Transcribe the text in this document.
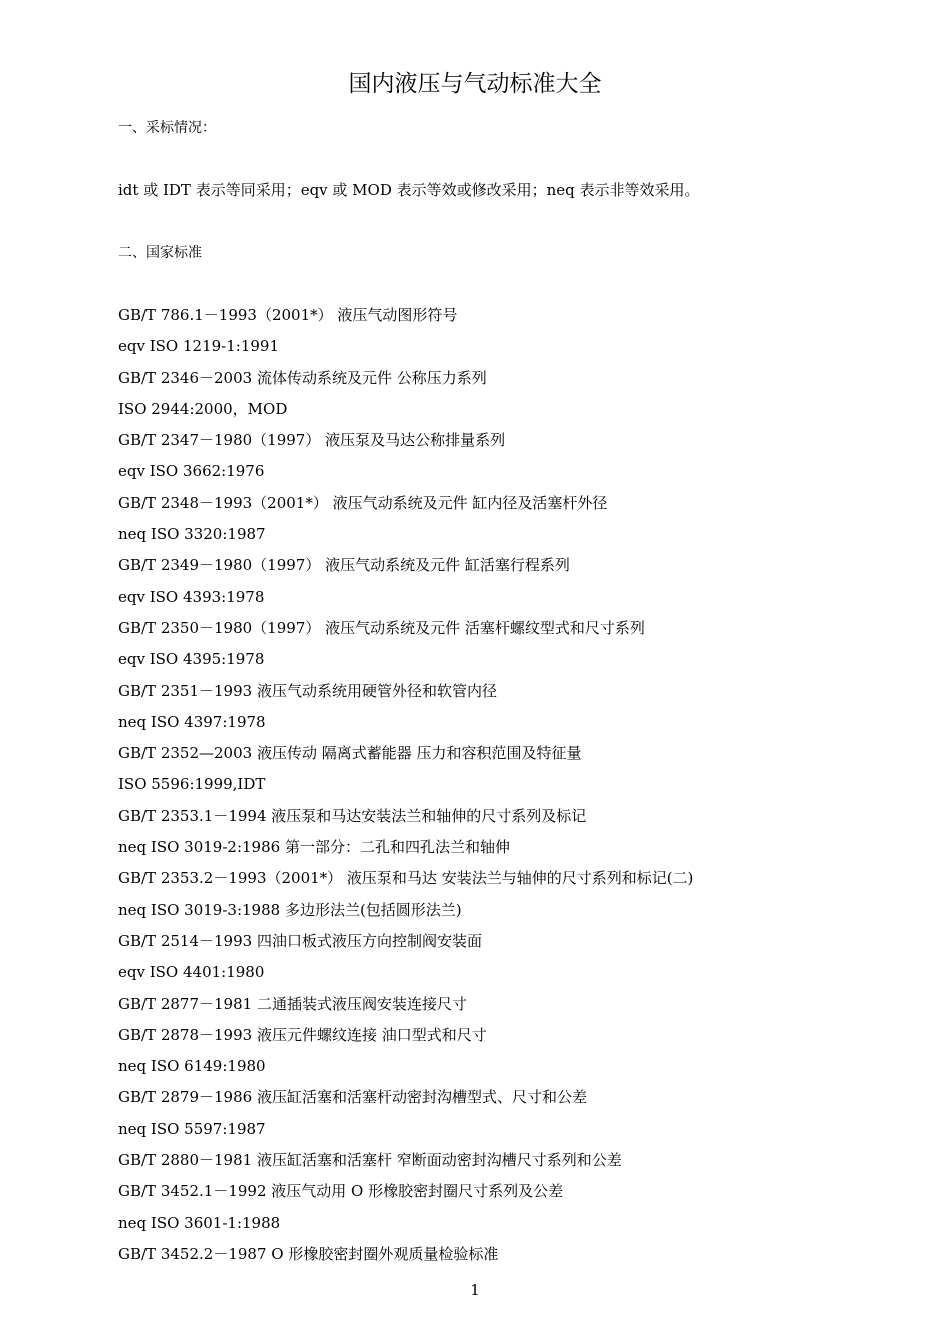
国内液压与气动标准大全
一、采标情况：

idt 或 IDT 表示等同采用；eqv 或 MOD 表示等效或修改采用；neq 表示非等效采用。

二、国家标准
GB/T 786.1－1993（2001*） 液压气动图形符号
eqv ISO 1219-1:1991
GB/T 2346－2003 流体传动系统及元件 公称压力系列
ISO 2944:2000，MOD
GB/T 2347－1980（1997） 液压泵及马达公称排量系列
eqv ISO 3662:1976
GB/T 2348－1993（2001*） 液压气动系统及元件 缸内径及活塞杆外径
neq ISO 3320:1987
GB/T 2349－1980（1997） 液压气动系统及元件 缸活塞行程系列
eqv ISO 4393:1978
GB/T 2350－1980（1997） 液压气动系统及元件 活塞杆螺纹型式和尺寸系列
eqv ISO 4395:1978
GB/T 2351－1993 液压气动系统用硬管外径和软管内径
neq ISO 4397:1978
GB/T 2352—2003 液压传动 隔离式蓄能器 压力和容积范围及特征量
ISO 5596:1999,IDT
GB/T 2353.1－1994 液压泵和马达安装法兰和轴伸的尺寸系列及标记
neq ISO 3019-2:1986 第一部分：二孔和四孔法兰和轴伸
GB/T 2353.2－1993（2001*） 液压泵和马达 安装法兰与轴伸的尺寸系列和标记(二)
neq ISO 3019-3:1988 多边形法兰(包括圆形法兰)
GB/T 2514－1993 四油口板式液压方向控制阀安装面
eqv ISO 4401:1980
GB/T 2877－1981 二通插装式液压阀安装连接尺寸
GB/T 2878－1993 液压元件螺纹连接 油口型式和尺寸
neq ISO 6149:1980
GB/T 2879－1986 液压缸活塞和活塞杆动密封沟槽型式、尺寸和公差
neq ISO 5597:1987
GB/T 2880－1981 液压缸活塞和活塞杆 窄断面动密封沟槽尺寸系列和公差
GB/T 3452.1－1992 液压气动用 O 形橡胶密封圈尺寸系列及公差
neq ISO 3601-1:1988
GB/T 3452.2－1987 O 形橡胶密封圈外观质量检验标准
1
